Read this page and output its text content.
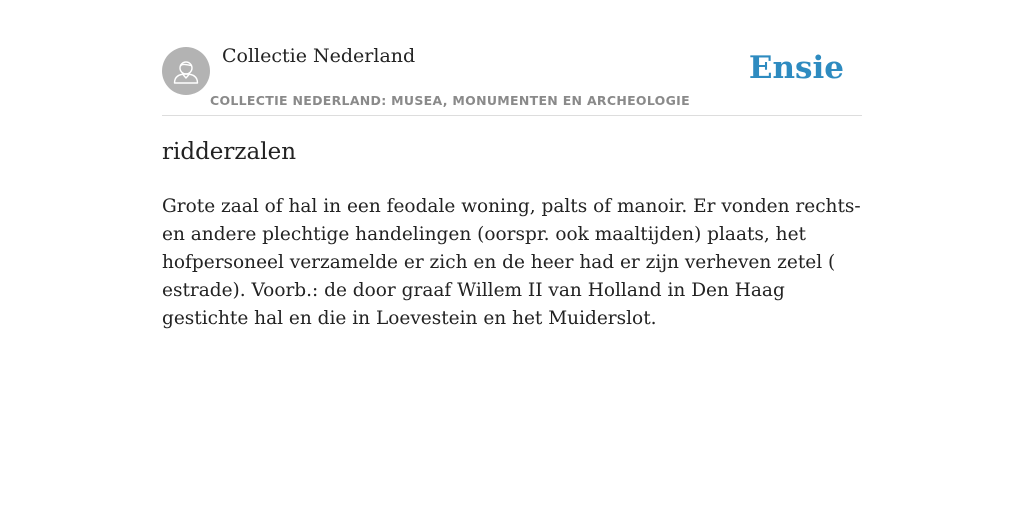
Collectie Nederland
COLLECTIE NEDERLAND: MUSEA, MONUMENTEN EN ARCHEOLOGIE
Ensie
ridderzalen

Grote zaal of hal in een feodale woning, palts of manoir. Er vonden rechts- en andere plechtige handelingen (oorspr. ook maaltijden) plaats, het hofpersoneel verzamelde er zich en de heer had er zijn verheven zetel ( estrade). Voorb.: de door graaf Willem II van Holland in Den Haag gestichte hal en die in Loevestein en het Muiderslot.
